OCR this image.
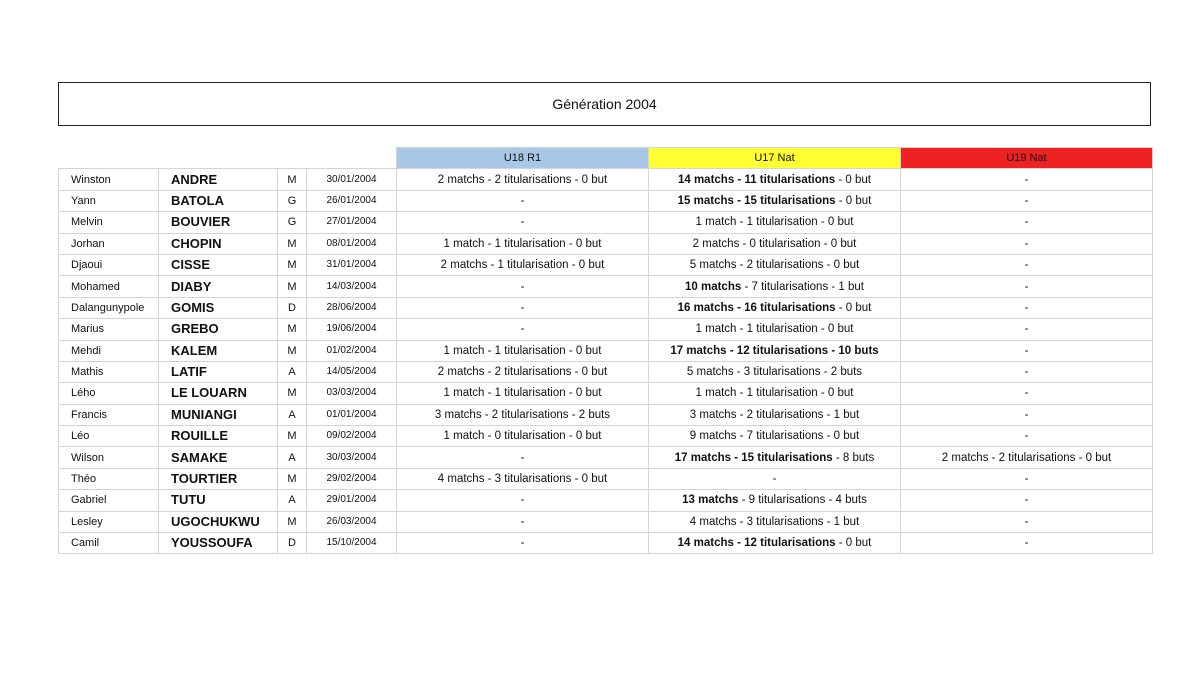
Génération 2004
				U18 R1	U17 Nat	U19 Nat
Winston	ANDRE	M	30/01/2004	2 matchs - 2 titularisations - 0 but	14 matchs - 11 titularisations - 0 but	-
Yann	BATOLA	G	26/01/2004	-	15 matchs - 15 titularisations - 0 but	-
Melvin	BOUVIER	G	27/01/2004	-	1 match - 1 titularisation - 0 but	-
Jorhan	CHOPIN	M	08/01/2004	1 match - 1 titularisation - 0 but	2 matchs - 0 titularisation - 0 but	-
Djaoui	CISSE	M	31/01/2004	2 matchs - 1 titularisation - 0 but	5 matchs - 2 titularisations - 0 but	-
Mohamed	DIABY	M	14/03/2004	-	10 matchs - 7 titularisations - 1 but	-
Dalangunypole	GOMIS	D	28/06/2004	-	16 matchs - 16 titularisations - 0 but	-
Marius	GREBO	M	19/06/2004	-	1 match - 1 titularisation - 0 but	-
Mehdi	KALEM	M	01/02/2004	1 match - 1 titularisation - 0 but	17 matchs - 12 titularisations - 10 buts	-
Mathis	LATIF	A	14/05/2004	2 matchs - 2 titularisations - 0 but	5 matchs - 3 titularisations - 2 buts	-
Lého	LE LOUARN	M	03/03/2004	1 match - 1 titularisation - 0 but	1 match - 1 titularisation - 0 but	-
Francis	MUNIANGI	A	01/01/2004	3 matchs - 2 titularisations - 2 buts	3 matchs - 2 titularisations - 1 but	-
Léo	ROUILLE	M	09/02/2004	1 match - 0 titularisation - 0 but	9 matchs - 7 titularisations - 0 but	-
Wilson	SAMAKE	A	30/03/2004	-	17 matchs - 15 titularisations - 8 buts	2 matchs - 2 titularisations - 0 but
Théo	TOURTIER	M	29/02/2004	4 matchs - 3 titularisations - 0 but	-	-
Gabriel	TUTU	A	29/01/2004	-	13 matchs - 9 titularisations - 4 buts	-
Lesley	UGOCHUKWU	M	26/03/2004	-	4 matchs - 3 titularisations - 1 but	-
Camil	YOUSSOUFA	D	15/10/2004	-	14 matchs - 12 titularisations - 0 but	-
